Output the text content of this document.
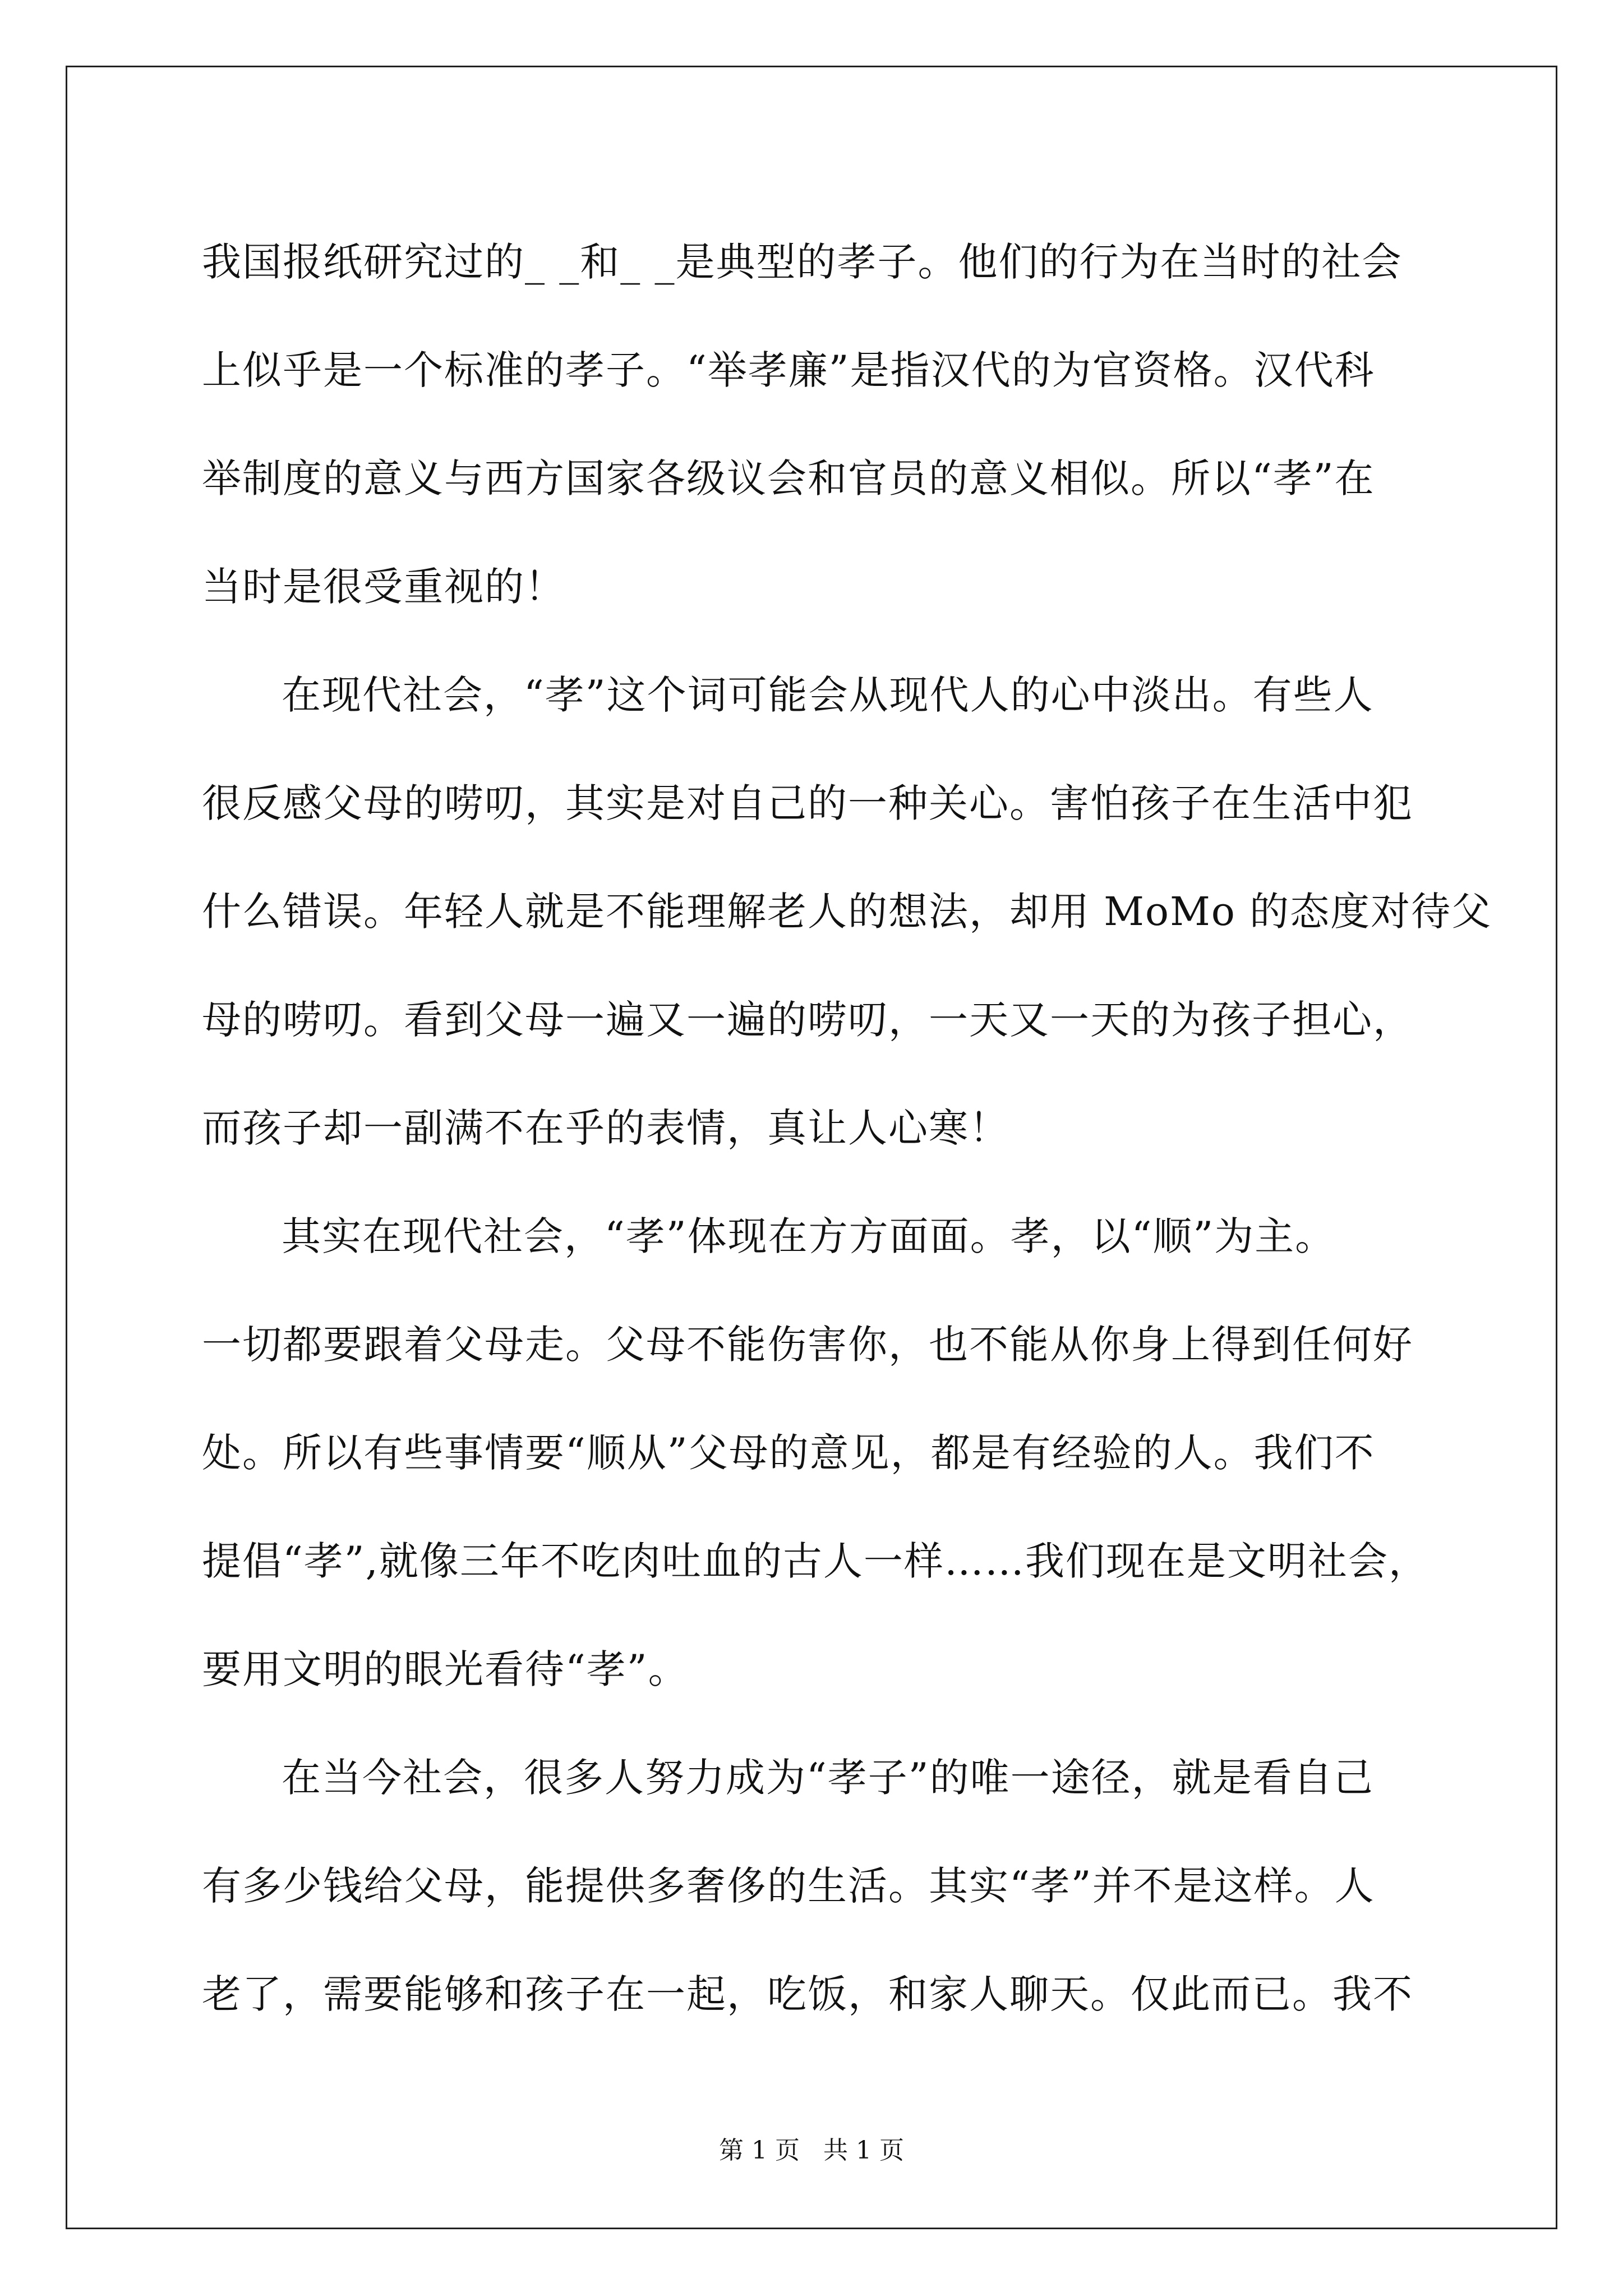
我国报纸研究过的_ _和_ _是典型的孝子。他们的行为在当时的社会
上似乎是一个标准的孝子。“举孝廉”是指汉代的为官资格。汉代科
举制度的意义与西方国家各级议会和官员的意义相似。所以“孝”在
当时是很受重视的！
在现代社会，“孝”这个词可能会从现代人的心中淡出。有些人
很反感父母的唠叨，其实是对自己的一种关心。害怕孩子在生活中犯
什么错误。年轻人就是不能理解老人的想法，却用 MoMo 的态度对待父
母的唠叨。看到父母一遍又一遍的唠叨，一天又一天的为孩子担心，
而孩子却一副满不在乎的表情，真让人心寒！
其实在现代社会，“孝”体现在方方面面。孝，以“顺”为主。
一切都要跟着父母走。父母不能伤害你，也不能从你身上得到任何好
处。所以有些事情要“顺从”父母的意见，都是有经验的人。我们不
提倡“孝”,就像三年不吃肉吐血的古人一样……我们现在是文明社会，
要用文明的眼光看待“孝”。
在当今社会，很多人努力成为“孝子”的唯一途径，就是看自己
有多少钱给父母，能提供多奢侈的生活。其实“孝”并不是这样。人
老了，需要能够和孩子在一起，吃饭，和家人聊天。仅此而已。我不
第 1 页 共 1 页
